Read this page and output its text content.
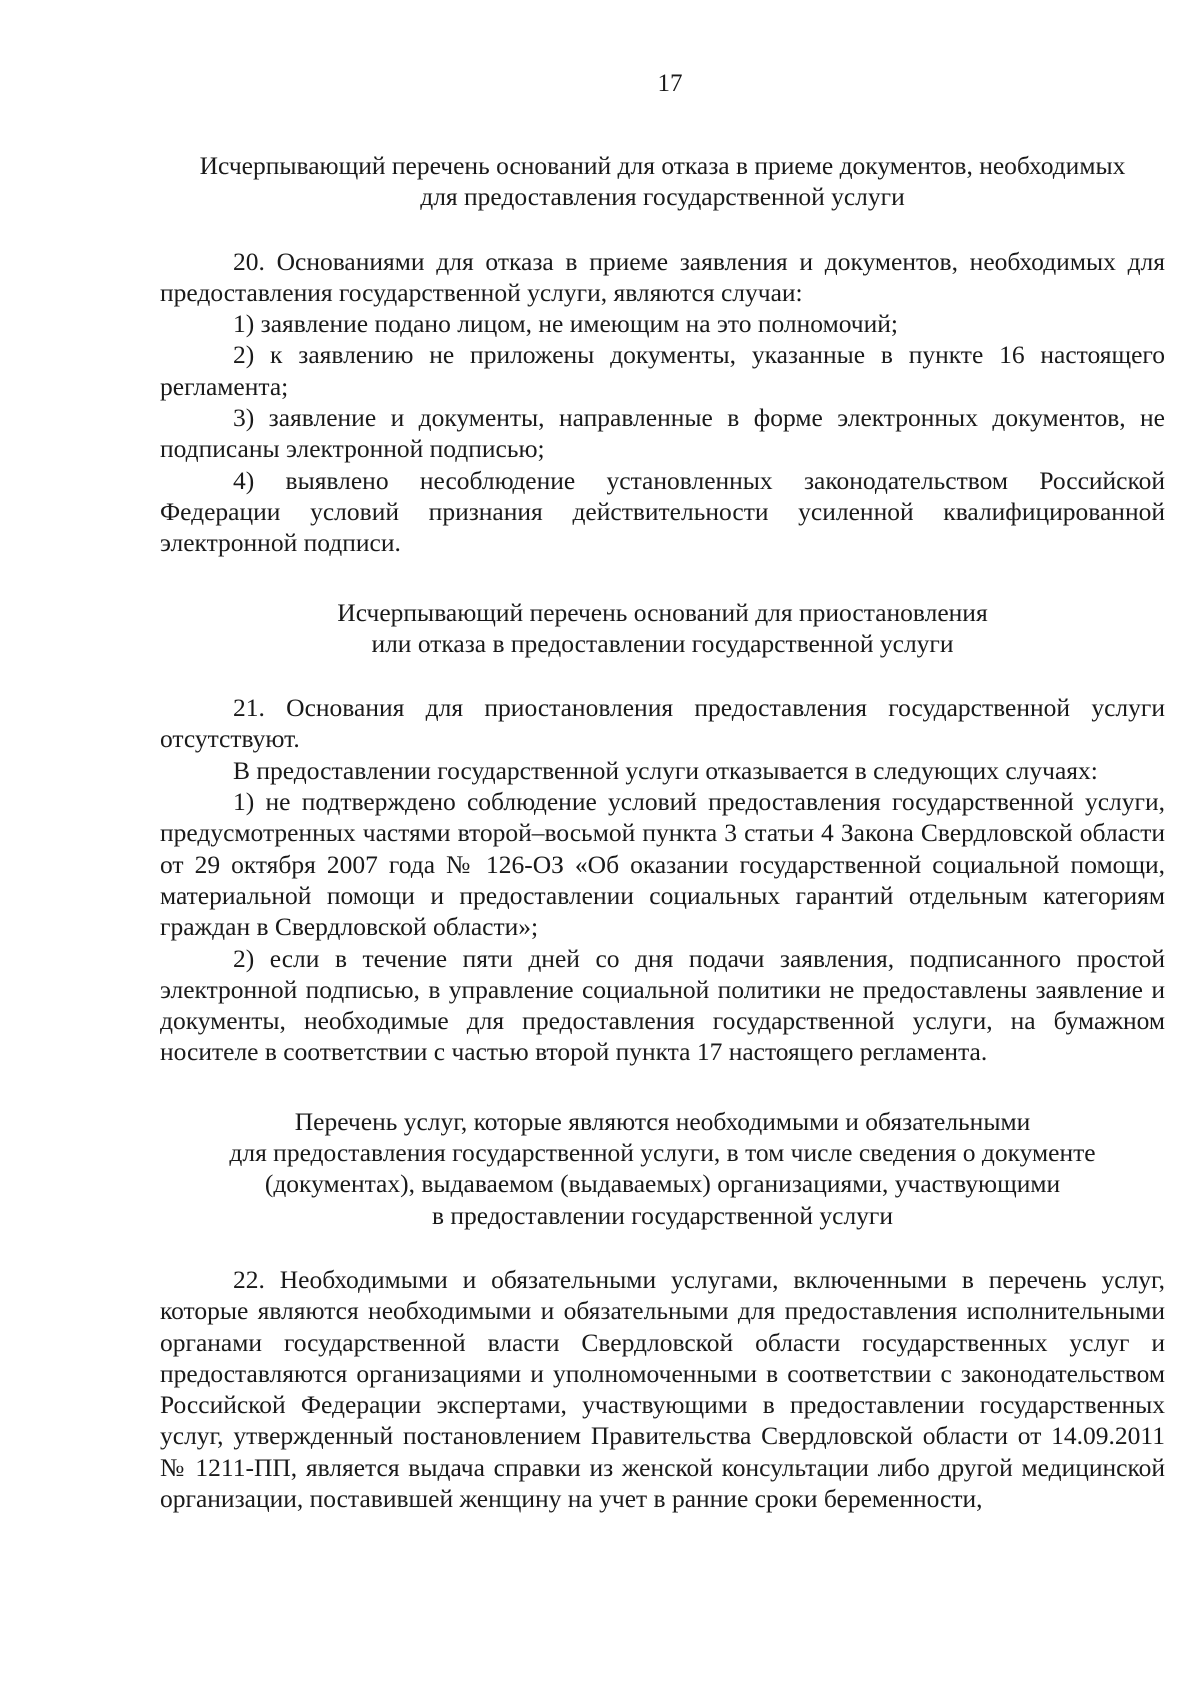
17

Исчерпывающий перечень оснований для отказа в приеме документов, необходимых

для предоставления государственной услуги

20. Основаниями для отказа в приеме заявления и документов, необходимых для предоставления государственной услуги, являются случаи:

1) заявление подано лицом, не имеющим на это полномочий;

2) к заявлению не приложены документы, указанные в пункте 16 настоящего регламента;

3) заявление и документы, направленные в форме электронных документов, не подписаны электронной подписью;

4) выявлено несоблюдение установленных законодательством Российской Федерации условий признания действительности усиленной квалифицированной электронной подписи.

Исчерпывающий перечень оснований для приостановления

или отказа в предоставлении государственной услуги

21. Основания для приостановления предоставления государственной услуги отсутствуют.

В предоставлении государственной услуги отказывается в следующих случаях:

1) не подтверждено соблюдение условий предоставления государственной услуги, предусмотренных частями второй–восьмой пункта 3 статьи 4 Закона Свердловской области от 29 октября 2007 года № 126-ОЗ «Об оказании государственной социальной помощи, материальной помощи и предоставлении социальных гарантий отдельным категориям граждан в Свердловской области»;

2) если в течение пяти дней со дня подачи заявления, подписанного простой электронной подписью, в управление социальной политики не предоставлены заявление и документы, необходимые для предоставления государственной услуги, на бумажном носителе в соответствии с частью второй пункта 17 настоящего регламента.

Перечень услуг, которые являются необходимыми и обязательными

для предоставления государственной услуги, в том числе сведения о документе

(документах), выдаваемом (выдаваемых) организациями, участвующими

в предоставлении государственной услуги

22. Необходимыми и обязательными услугами, включенными в перечень услуг, которые являются необходимыми и обязательными для предоставления исполнительными органами государственной власти Свердловской области государственных услуг и предоставляются организациями и уполномоченными в соответствии с законодательством Российской Федерации экспертами, участвующими в предоставлении государственных услуг, утвержденный постановлением Правительства Свердловской области от 14.09.2011 № 1211-ПП, является выдача справки из женской консультации либо другой медицинской организации, поставившей женщину на учет в ранние сроки беременности,
